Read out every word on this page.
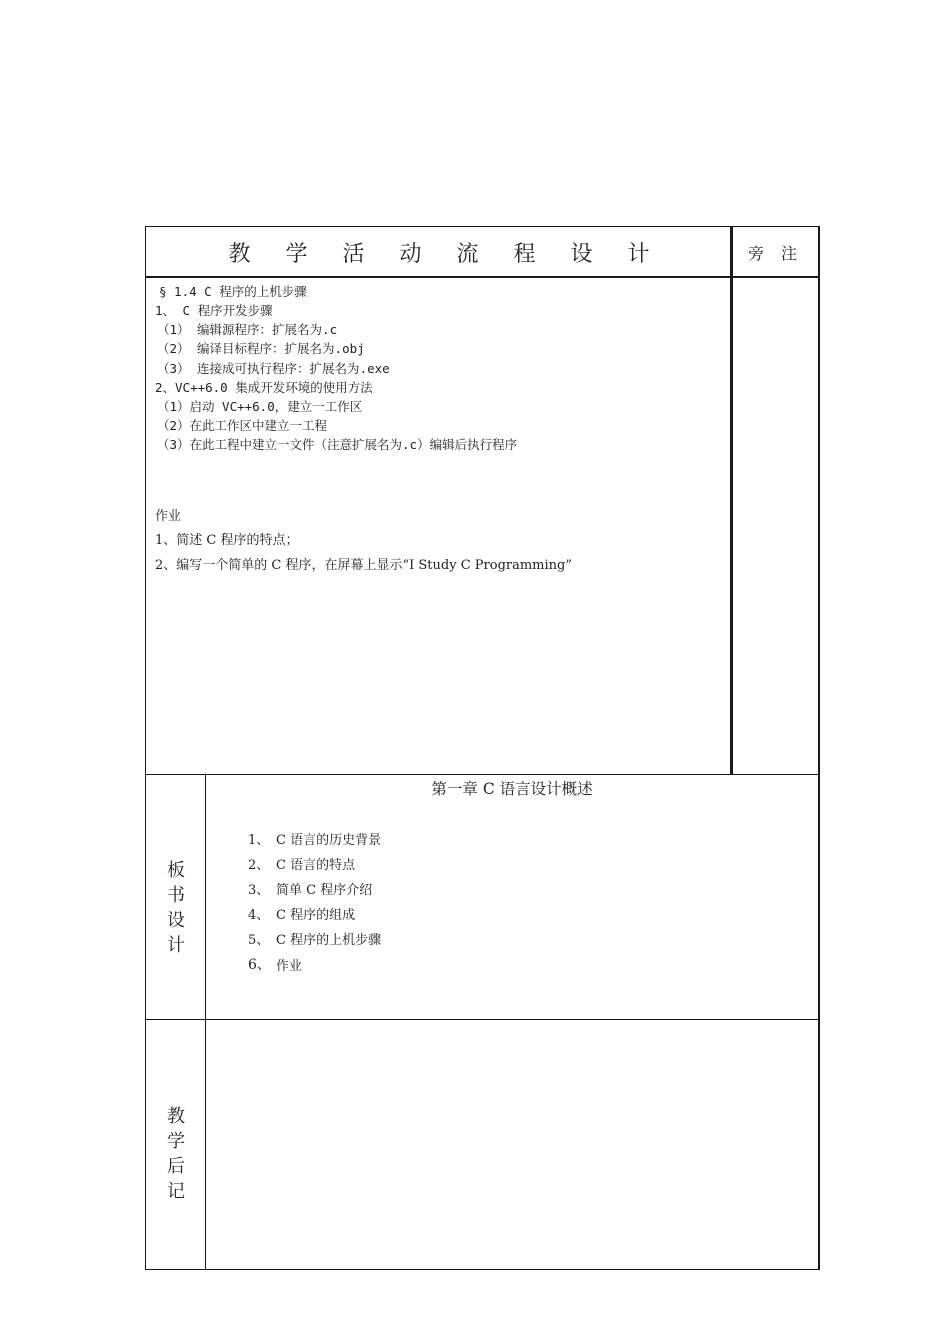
教 学 活 动 流 程 设 计	旁 注
§ 1.4 C 程序的上机步骤
1、 C 程序开发步骤
（1） 编辑源程序：扩展名为.c
（2） 编译目标程序：扩展名为.obj
（3） 连接成可执行程序：扩展名为.exe
2、VC++6.0 集成开发环境的使用方法
（1）启动 VC++6.0，建立一工作区
（2）在此工作区中建立一工程
（3）在此工程中建立一文件（注意扩展名为.c）编辑后执行程序
作业
1、简述 C 程序的特点；
2、编写一个简单的 C 程序，在屏幕上显示“I Study C Programming”
板
书
设
计
第一章 C 语言设计概述
1、 C 语言的历史背景
2、 C 语言的特点
3、 简单 C 程序介绍
4、 C 程序的组成
5、 C 程序的上机步骤
6、 作业
教
学
后
记
